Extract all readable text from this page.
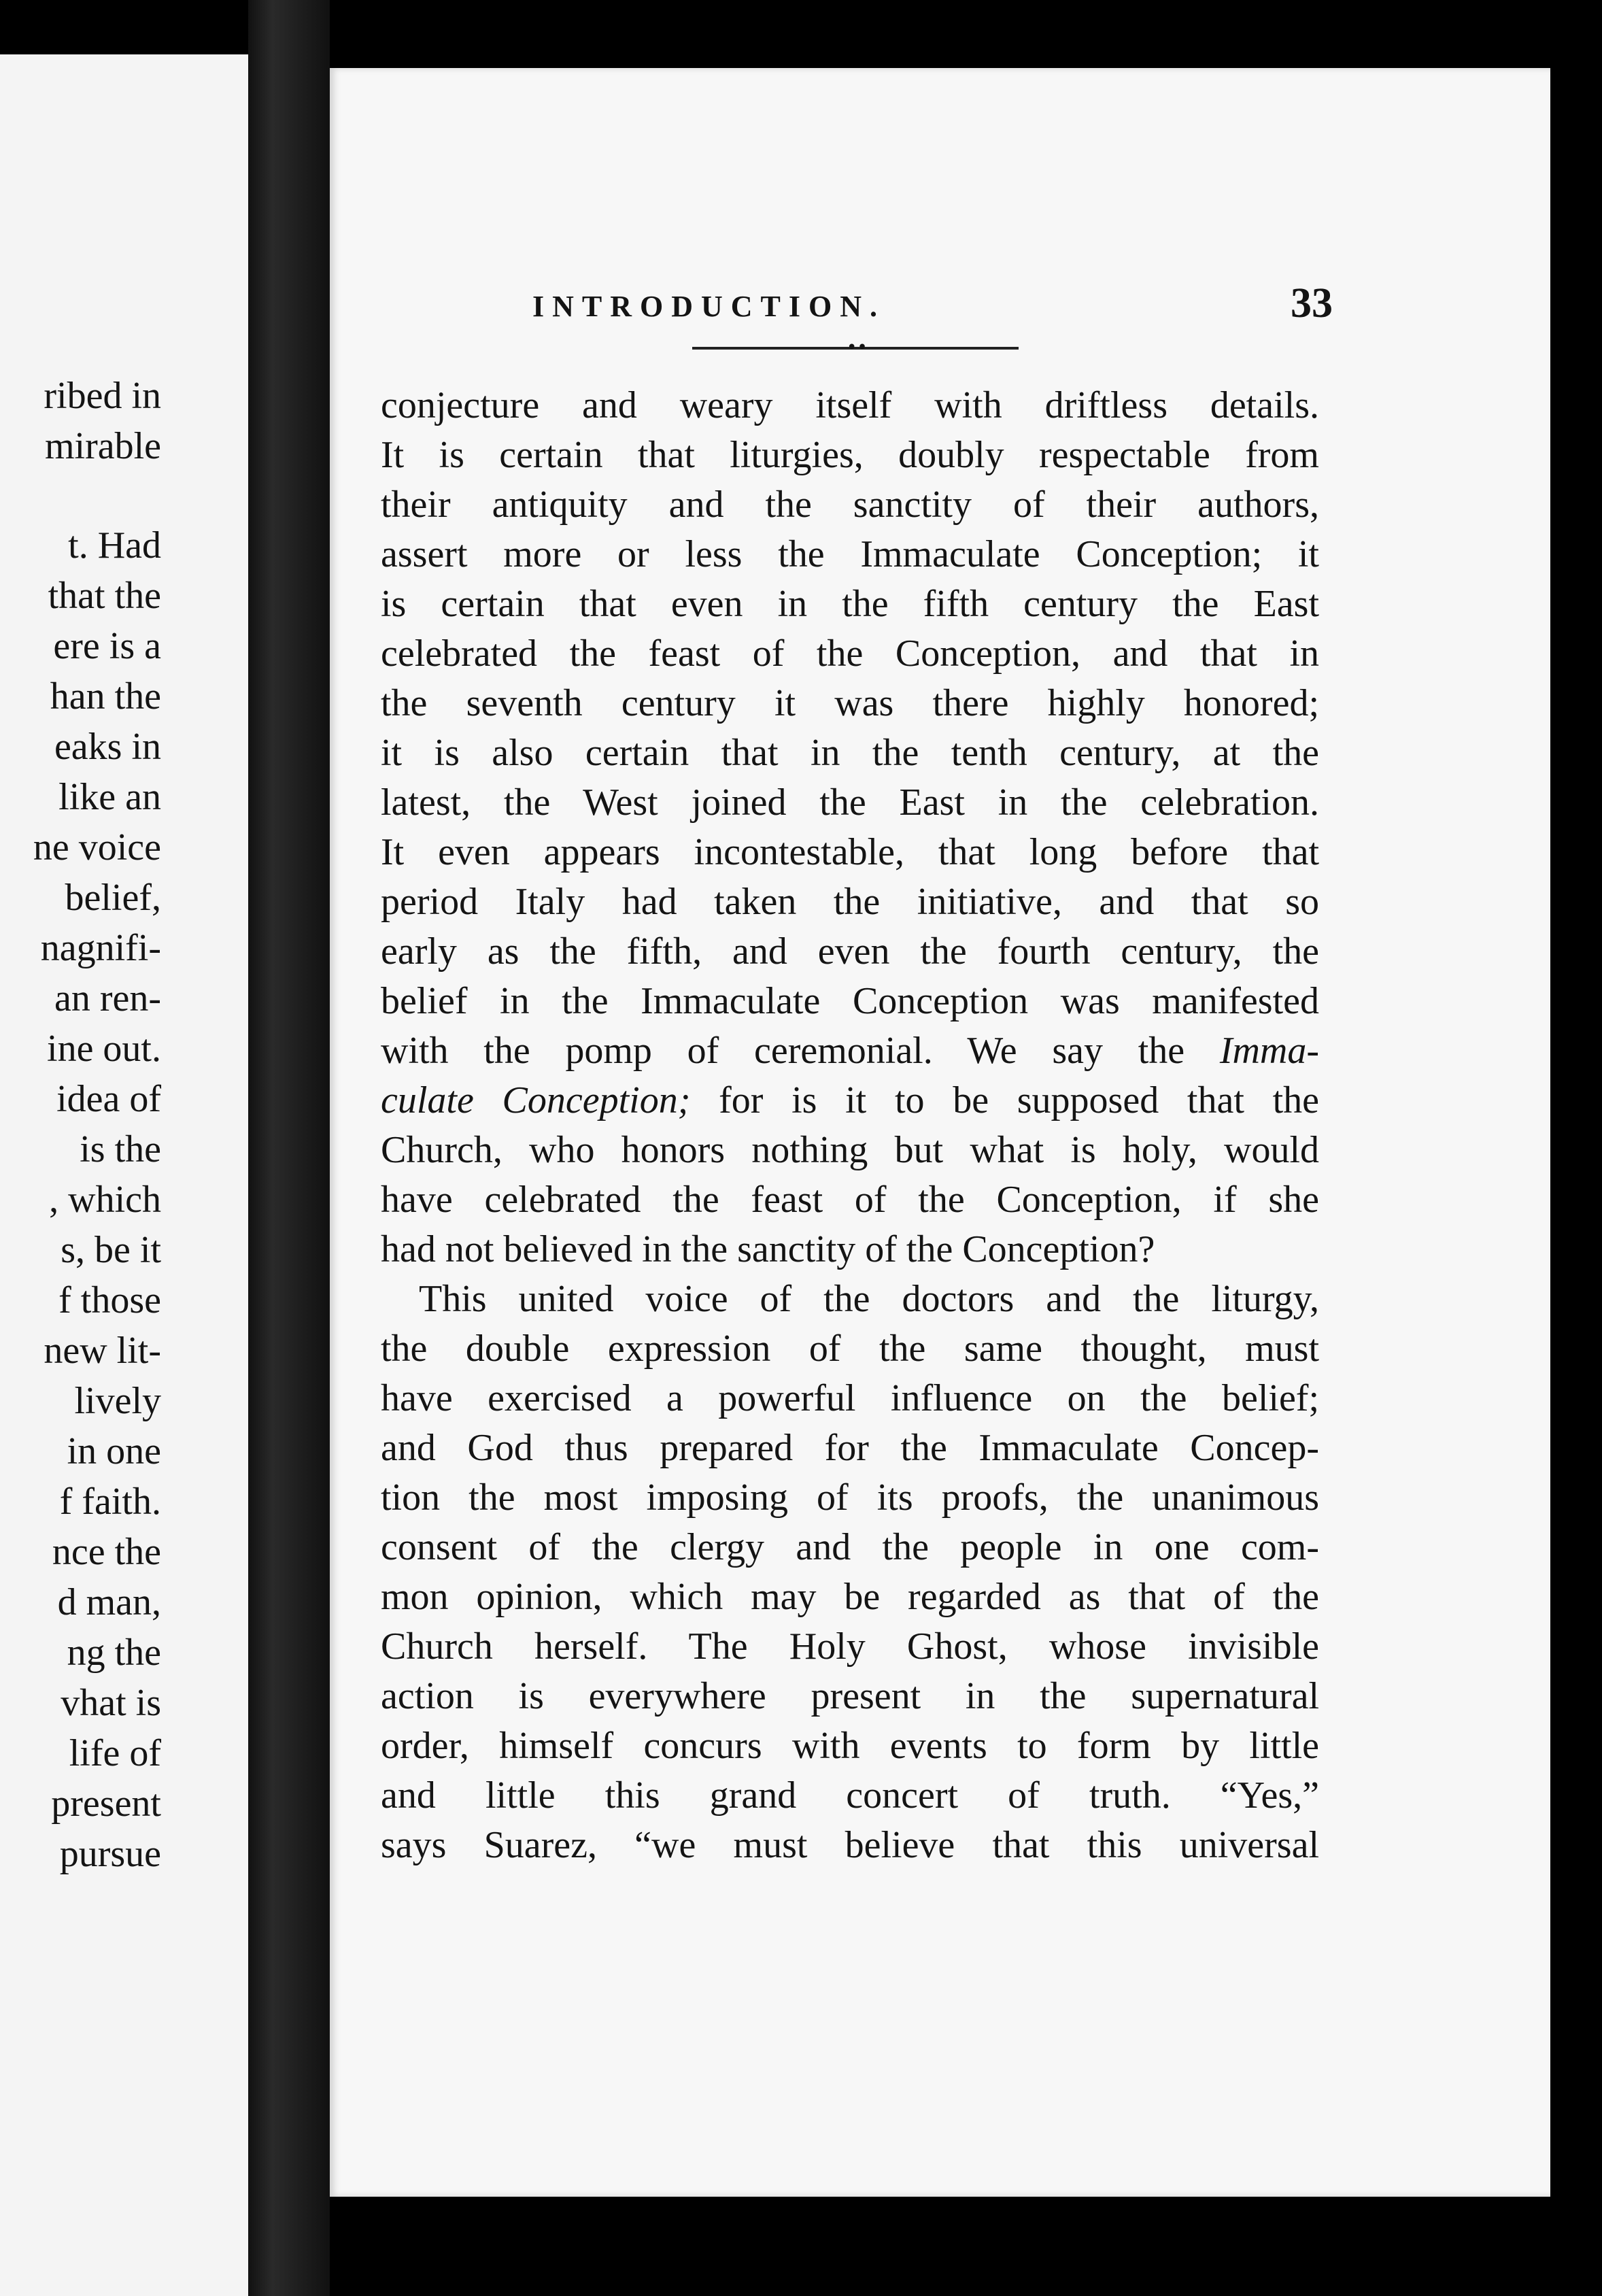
ribed in
mirable
t. Had
that the
ere is a
han the
eaks in
like an
ne voice
belief,
nagnifi-
an ren-
ine out.
idea of
is the
, which
s, be it
f those
new lit-
lively
in one
f faith.
nce the
d man,
ng the
vhat is
life of
present
pursue
INTRODUCTION.	33
••
conjecture and weary itself with driftless details.
It is certain that liturgies, doubly respectable from
their antiquity and the sanctity of their authors,
assert more or less the Immaculate Conception; it
is certain that even in the fifth century the East
celebrated the feast of the Conception, and that in
the seventh century it was there highly honored;
it is also certain that in the tenth century, at the
latest, the West joined the East in the celebration.
It even appears incontestable, that long before that
period Italy had taken the initiative, and that so
early as the fifth, and even the fourth century, the
belief in the Immaculate Conception was manifested
with the pomp of ceremonial. We say the Imma-
culate Conception; for is it to be supposed that the
Church, who honors nothing but what is holy, would
have celebrated the feast of the Conception, if she
had not believed in the sanctity of the Conception?
This united voice of the doctors and the liturgy,
the double expression of the same thought, must
have exercised a powerful influence on the belief;
and God thus prepared for the Immaculate Concep-
tion the most imposing of its proofs, the unanimous
consent of the clergy and the people in one com-
mon opinion, which may be regarded as that of the
Church herself. The Holy Ghost, whose invisible
action is everywhere present in the supernatural
order, himself concurs with events to form by little
and little this grand concert of truth. “Yes,”
says Suarez, “we must believe that this universal
